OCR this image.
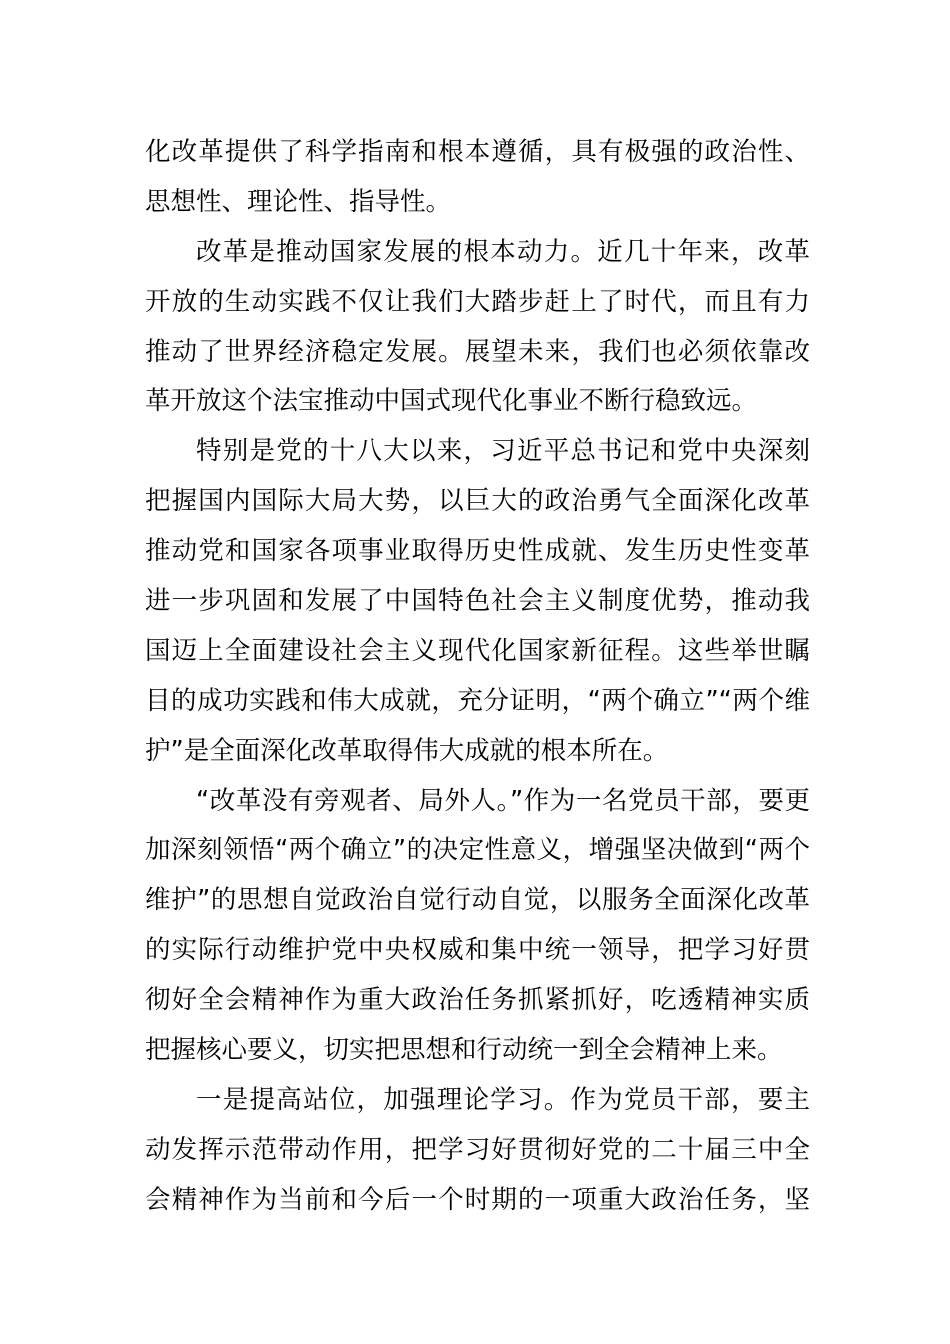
化改革提供了科学指南和根本遵循，具有极强的政治性、
思想性、理论性、指导性。
改革是推动国家发展的根本动力。近几十年来，改革
开放的生动实践不仅让我们大踏步赶上了时代，而且有力
推动了世界经济稳定发展。展望未来，我们也必须依靠改
革开放这个法宝推动中国式现代化事业不断行稳致远。
特别是党的十八大以来，习近平总书记和党中央深刻
把握国内国际大局大势，以巨大的政治勇气全面深化改革
推动党和国家各项事业取得历史性成就、发生历史性变革
进一步巩固和发展了中国特色社会主义制度优势，推动我
国迈上全面建设社会主义现代化国家新征程。这些举世瞩
目的成功实践和伟大成就，充分证明，“两个确立”“两个维
护”是全面深化改革取得伟大成就的根本所在。
“改革没有旁观者、局外人。”作为一名党员干部，要更
加深刻领悟“两个确立”的决定性意义，增强坚决做到“两个
维护”的思想自觉政治自觉行动自觉，以服务全面深化改革
的实际行动维护党中央权威和集中统一领导，把学习好贯
彻好全会精神作为重大政治任务抓紧抓好，吃透精神实质
把握核心要义，切实把思想和行动统一到全会精神上来。
一是提高站位，加强理论学习。作为党员干部，要主
动发挥示范带动作用，把学习好贯彻好党的二十届三中全
会精神作为当前和今后一个时期的一项重大政治任务，坚
